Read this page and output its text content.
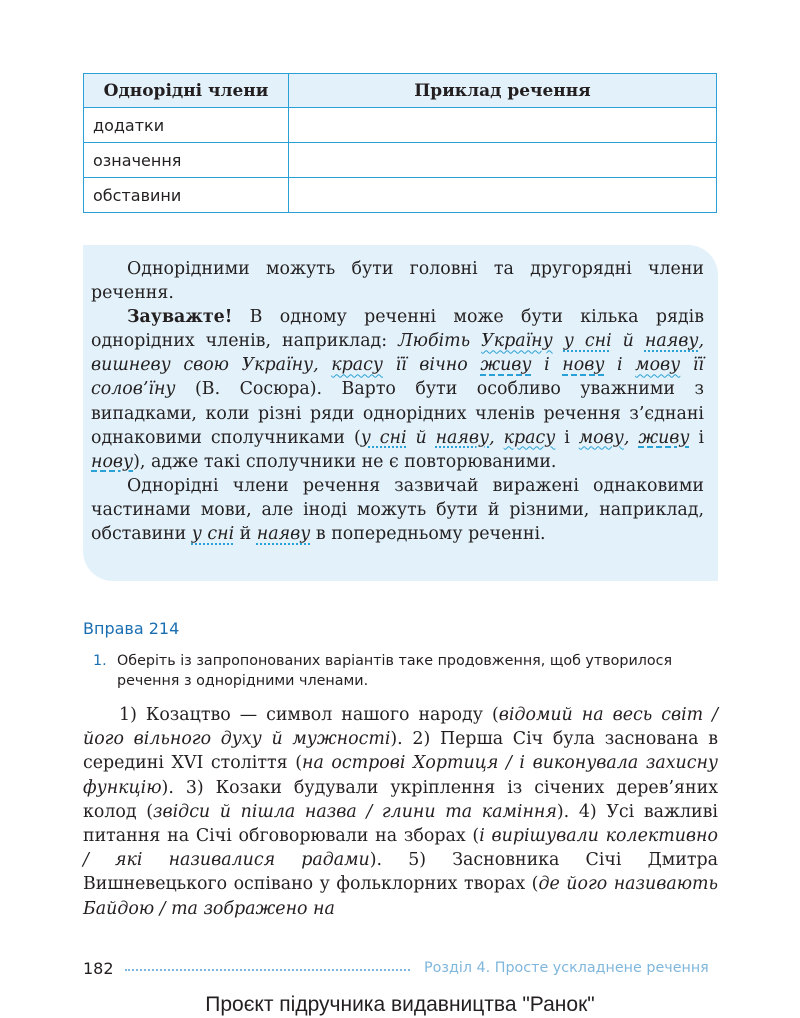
Однорідні члени	Приклад речення
додатки	
означення	
обставини	

Однорідними можуть бути головні та другорядні члени речення.

Зауважте! В одному реченні може бути кілька рядів однорідних членів, наприклад: Любіть Україну у сні й наяву, вишневу свою Україну, красу її вічно живу і нову і мову її солов’їну (В. Сосюра). Варто бути особливо уважними з випадками, коли різні ряди однорідних членів речення з’єднані однаковими сполучниками (у сні й наяву, красу і мову, живу і нову), адже такі сполучники не є повторюваними.

Однорідні члени речення зазвичай виражені однаковими частинами мови, але іноді можуть бути й різними, наприклад, обставини у сні й наяву в попередньому реченні.

Вправа 214
1. Оберіть із запропонованих варіантів таке продовження, щоб утворилося речення з однорідними членами.

1) Козацтво — символ нашого народу (відомий на весь світ / його вільного духу й мужності). 2) Перша Січ була заснована в середині XVI століття (на острові Хортиця / і виконувала захисну функцію). 3) Козаки будували укріплення із січених дерев’яних колод (звідси й пішла назва / глини та каміння). 4) Усі важливі питання на Січі обговорювали на зборах (і вирішували колективно / які називалися радами). 5) Засновника Січі Дмитра Вишневецького оспівано у фольклорних творах (де його називають Байдою / та зображено на

182	Розділ 4. Просте ускладнене речення
Проєкт підручника видавництва "Ранок"
